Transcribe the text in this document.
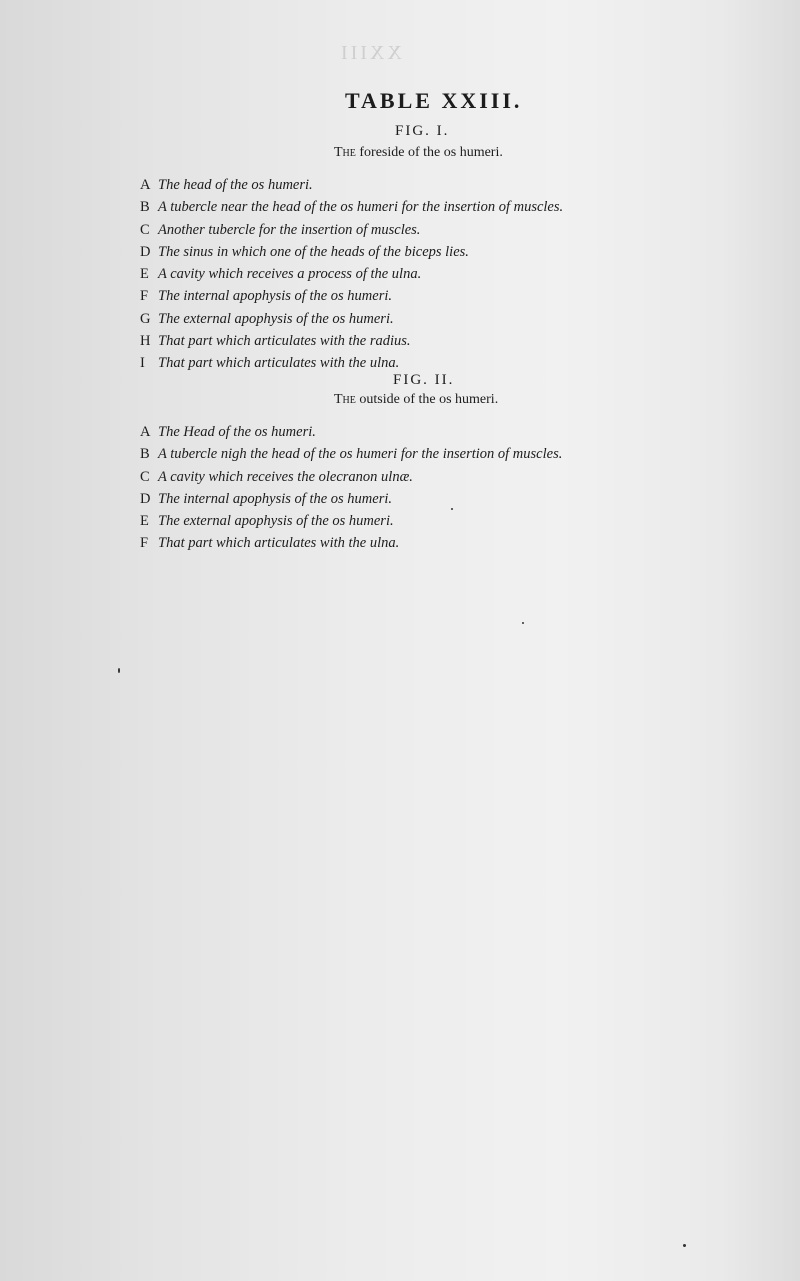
XXIII
TABLE XXIII.
FIG. I.
The foreside of the os humeri.
A The head of the os humeri.
B A tubercle near the head of the os humeri for the insertion of muscles.
C Another tubercle for the insertion of muscles.
D The sinus in which one of the heads of the biceps lies.
E A cavity which receives a process of the ulna.
F The internal apophysis of the os humeri.
G The external apophysis of the os humeri.
H That part which articulates with the radius.
I That part which articulates with the ulna.
FIG. II.
The outside of the os humeri.
A The Head of the os humeri.
B A tubercle nigh the head of the os humeri for the insertion of muscles.
C A cavity which receives the olecranon ulnæ.
D The internal apophysis of the os humeri.
E The external apophysis of the os humeri.
F That part which articulates with the ulna.
